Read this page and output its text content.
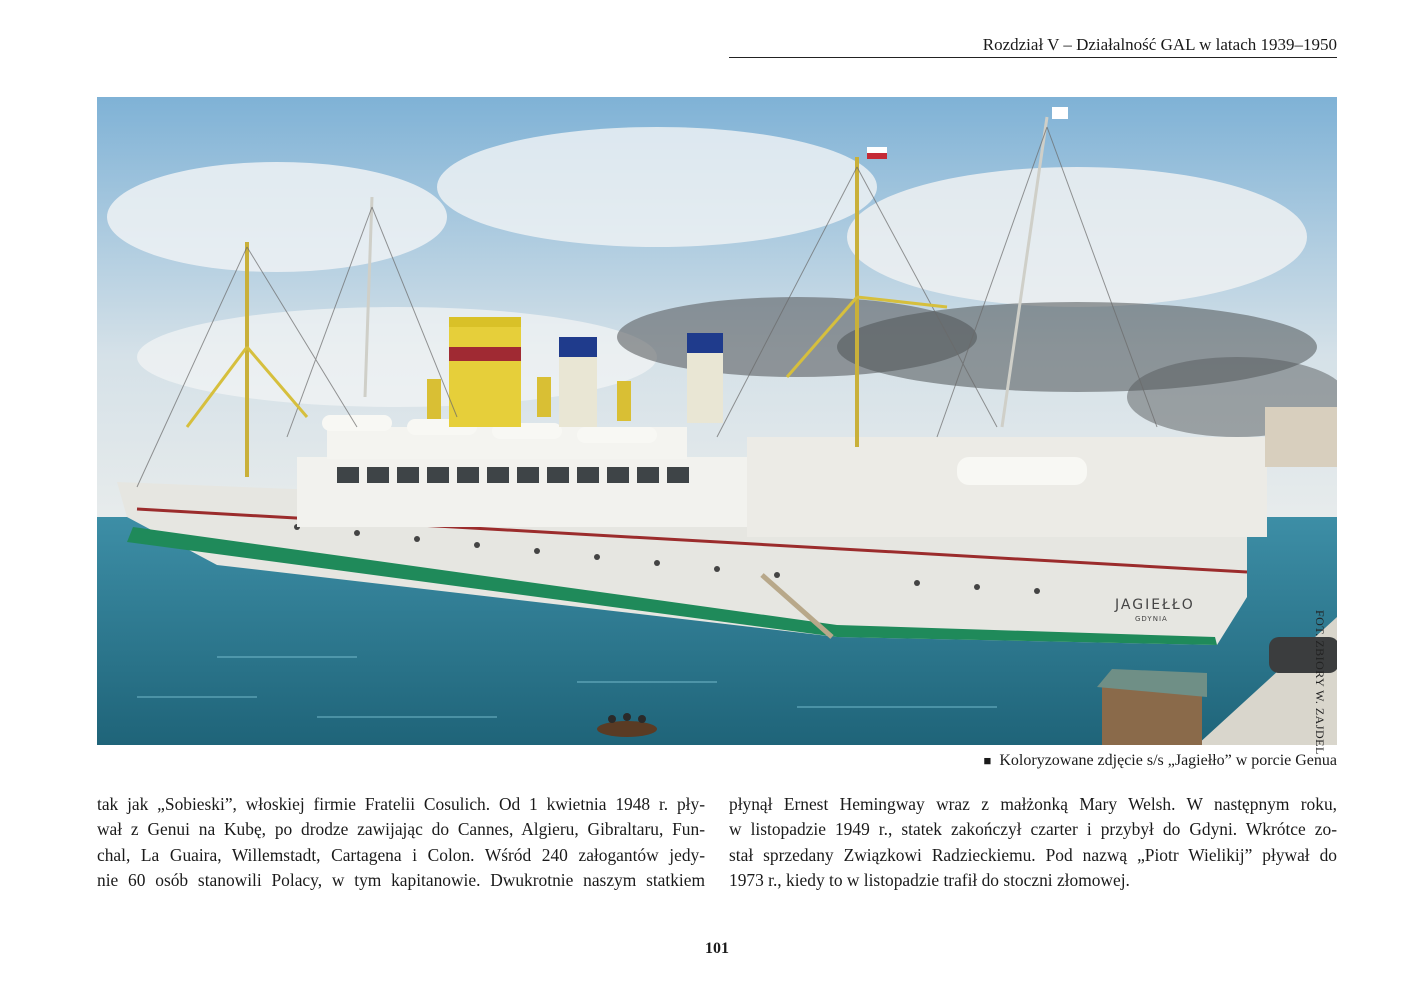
Rozdział V – Działalność GAL w latach 1939–1950
JAGIEŁŁO
GDYNIA	FOT. ZBIORY W. ZAJDEL
■ Koloryzowane zdjęcie s/s „Jagiełło” w porcie Genua
tak jak „Sobieski”, włoskiej firmie Fratelii Cosulich. Od 1 kwietnia 1948 r. pły-
wał z Genui na Kubę, po drodze zawijając do Cannes, Algieru, Gibraltaru, Fun-
chal, La Guaira, Willemstadt, Cartagena i Colon. Wśród 240 załogantów jedy-
nie 60 osób stanowili Polacy, w tym kapitanowie. Dwukrotnie naszym statkiem
płynął Ernest Hemingway wraz z małżonką Mary Welsh. W następnym roku,
w listopadzie 1949 r., statek zakończył czarter i przybył do Gdyni. Wkrótce zo-
stał sprzedany Związkowi Radzieckiemu. Pod nazwą „Piotr Wielikij” pływał do
1973 r., kiedy to w listopadzie trafił do stoczni złomowej.
101
